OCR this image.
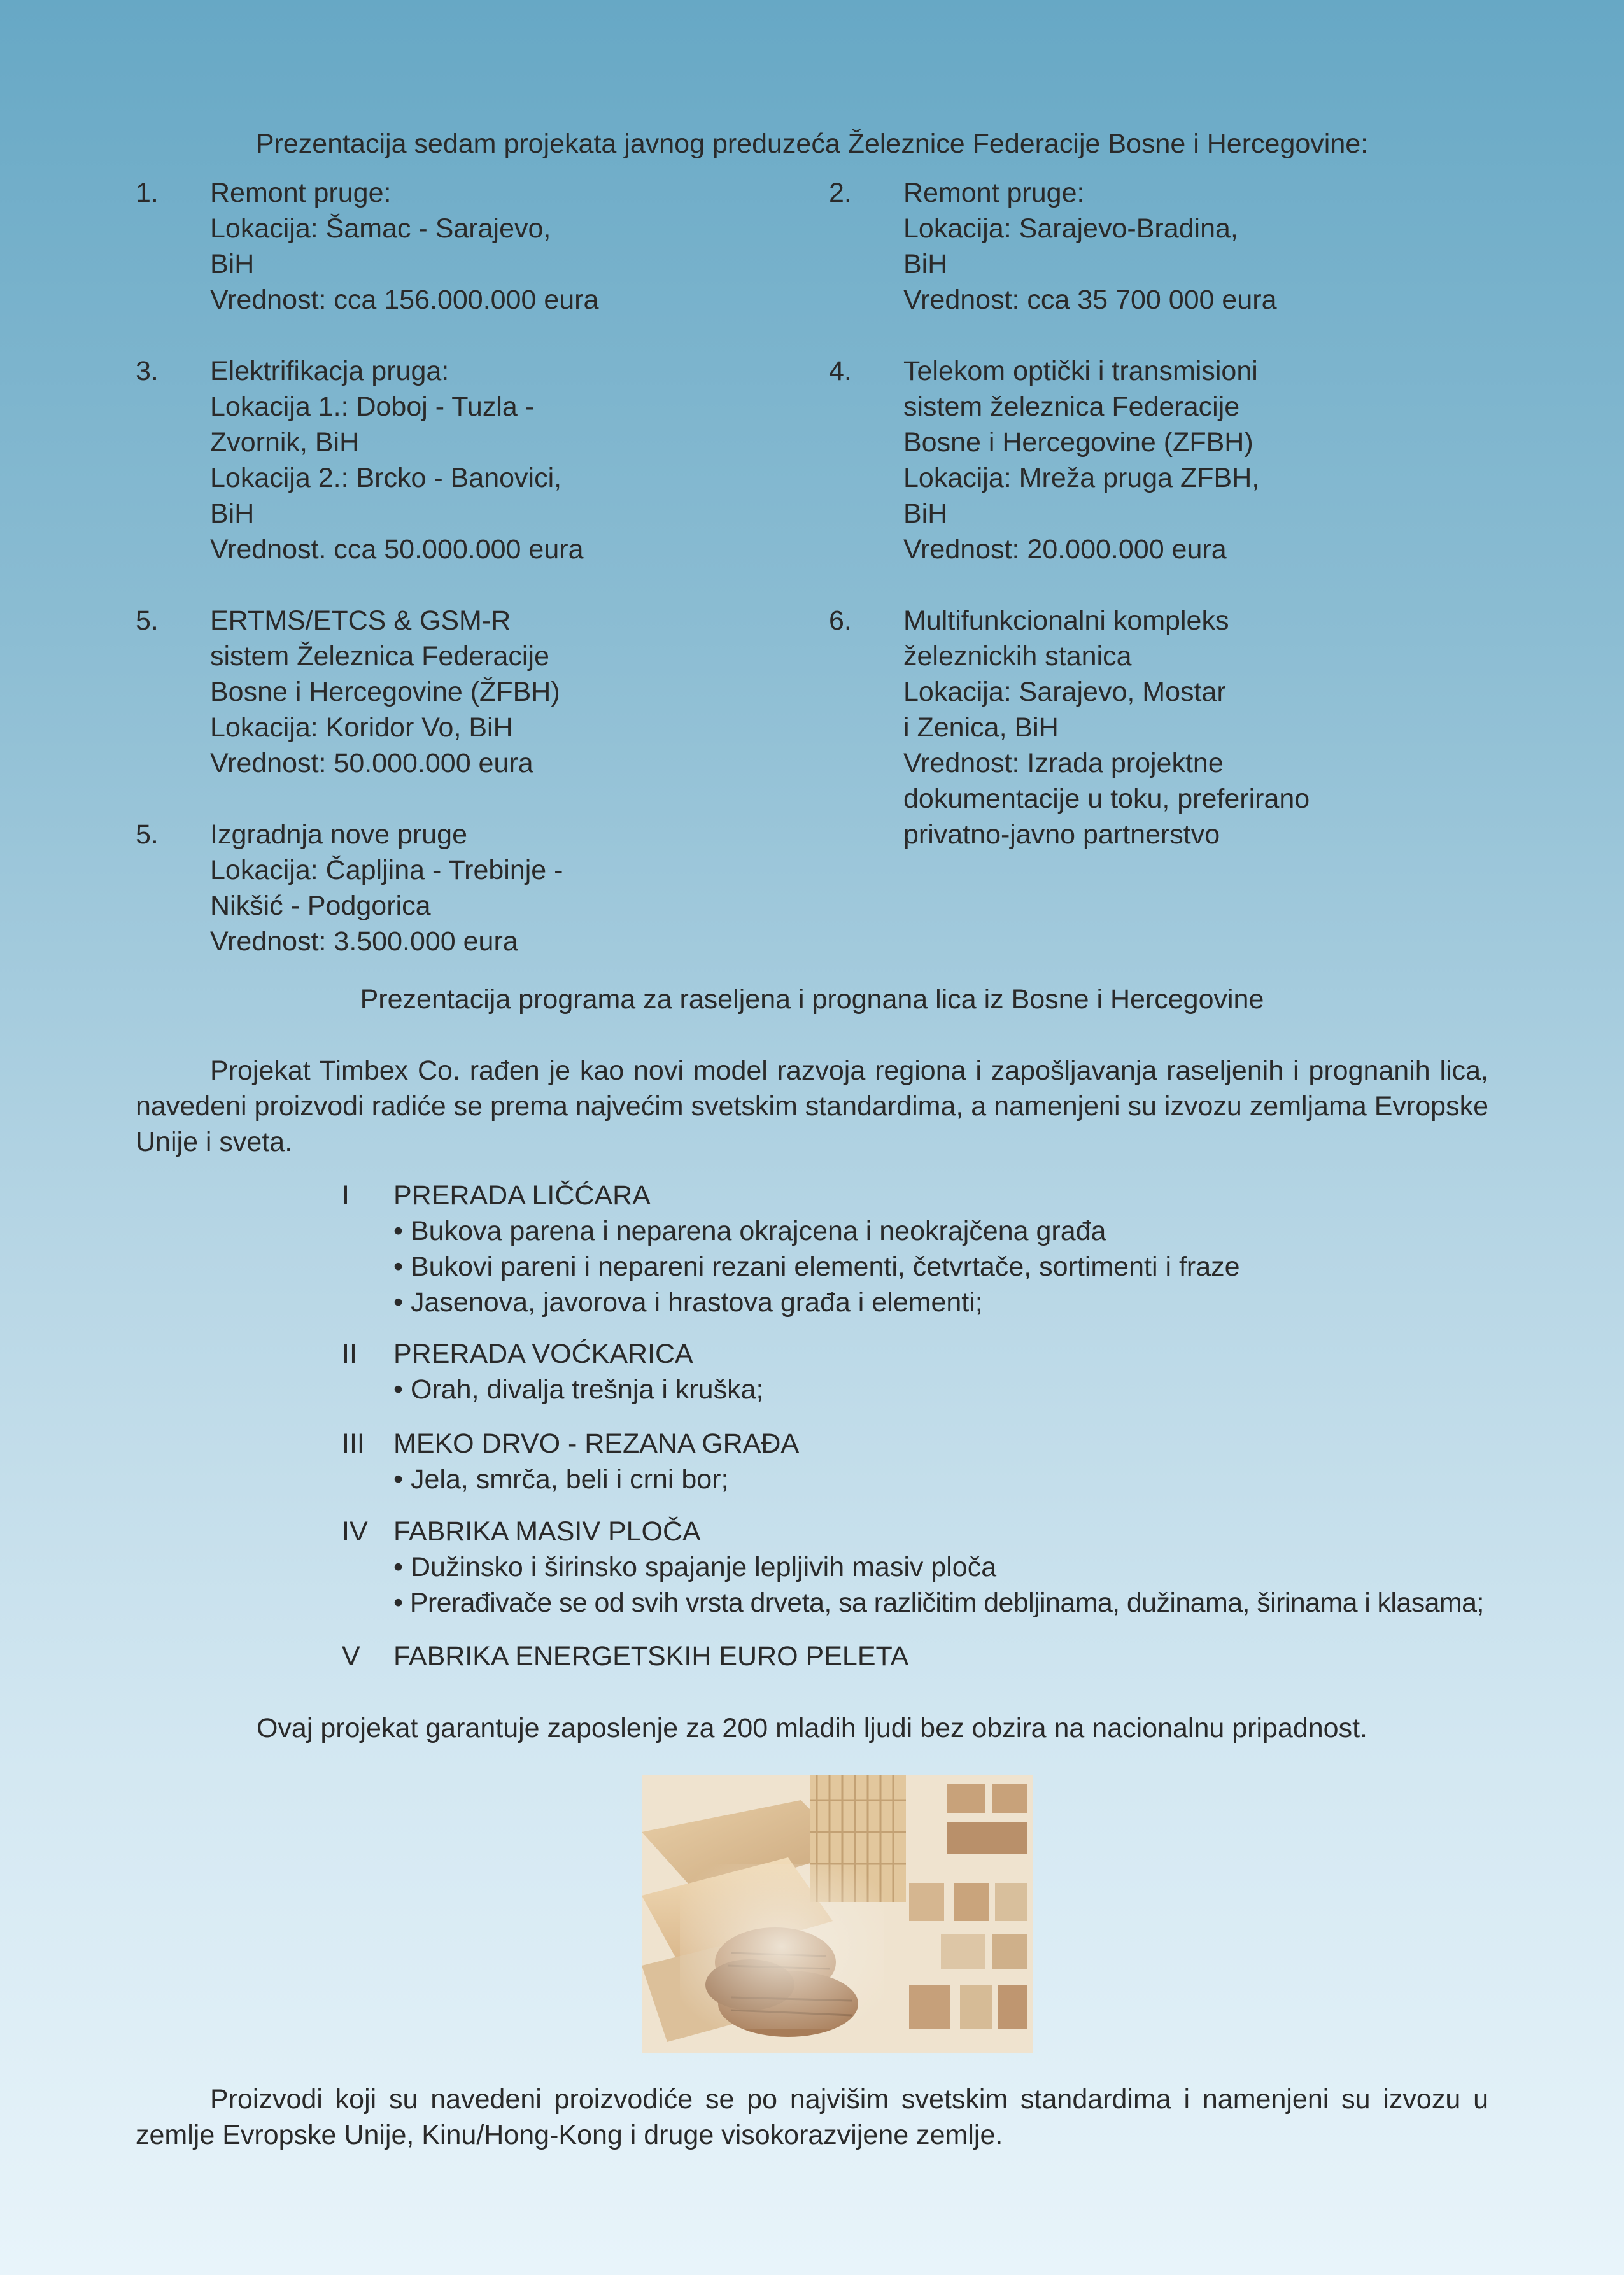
Prezentacija sedam projekata javnog preduzeća Železnice Federacije Bosne i Hercegovine:
1. Remont pruge:
Lokacija: Šamac - Sarajevo,
BiH
Vrednost: cca 156.000.000 eura
2. Remont pruge:
Lokacija: Sarajevo-Bradina,
BiH
Vrednost: cca 35 700 000 eura
3. Elektrifikacja pruga:
Lokacija 1.: Doboj - Tuzla -
Zvornik, BiH
Lokacija 2.: Brcko - Banovici,
BiH
Vrednost. cca 50.000.000 eura
4. Telekom optički i transmisioni
sistem železnica Federacije
Bosne i Hercegovine (ZFBH)
Lokacija: Mreža pruga ZFBH,
BiH
Vrednost: 20.000.000 eura
5. ERTMS/ETCS & GSM-R
sistem Železnica Federacije
Bosne i Hercegovine (ŽFBH)
Lokacija: Koridor Vo, BiH
Vrednost: 50.000.000 eura
6. Multifunkcionalni kompleks
železnickih stanica
Lokacija: Sarajevo, Mostar
i Zenica, BiH
Vrednost: Izrada projektne
dokumentacije u toku, preferirano
privatno-javno partnerstvo
5. Izgradnja nove pruge
Lokacija: Čapljina - Trebinje -
Nikšić - Podgorica
Vrednost: 3.500.000 eura
Prezentacija programa za raseljena i prognana lica iz Bosne i Hercegovine
Projekat Timbex Co. rađen je kao novi model razvoja regiona i zapošljavanja raseljenih i prognanih lica, navedeni proizvodi radiće se prema najvećim svetskim standardima, a namenjeni su izvozu zemljama Evropske Unije i sveta.
I PRERADA LIČĆARA
• Bukova parena i neparena okrajcena i neokrajčena građa
• Bukovi pareni i nepareni rezani elementi, četvrtače, sortimenti i fraze
• Jasenova, javorova i hrastova građa i elementi;
II PRERADA VOĆKARICA
• Orah, divalja trešnja i kruška;
III MEKO DRVO - REZANA GRAĐA
• Jela, smrča, beli i crni bor;
IV FABRIKA MASIV PLOČA
• Dužinsko i širinsko spajanje lepljivih masiv ploča
• Prerađivače se od svih vrsta drveta, sa različitim debljinama, dužinama, širinama i klasama;
V FABRIKA ENERGETSKIH EURO PELETA
Ovaj projekat garantuje zaposlenje za 200 mladih ljudi bez obzira na nacionalnu pripadnost.
Proizvodi koji su navedeni proizvodiće se po najvišim svetskim standardima i namenjeni su izvozu u zemlje Evropske Unije, Kinu/Hong-Kong i druge visokorazvijene zemlje.
